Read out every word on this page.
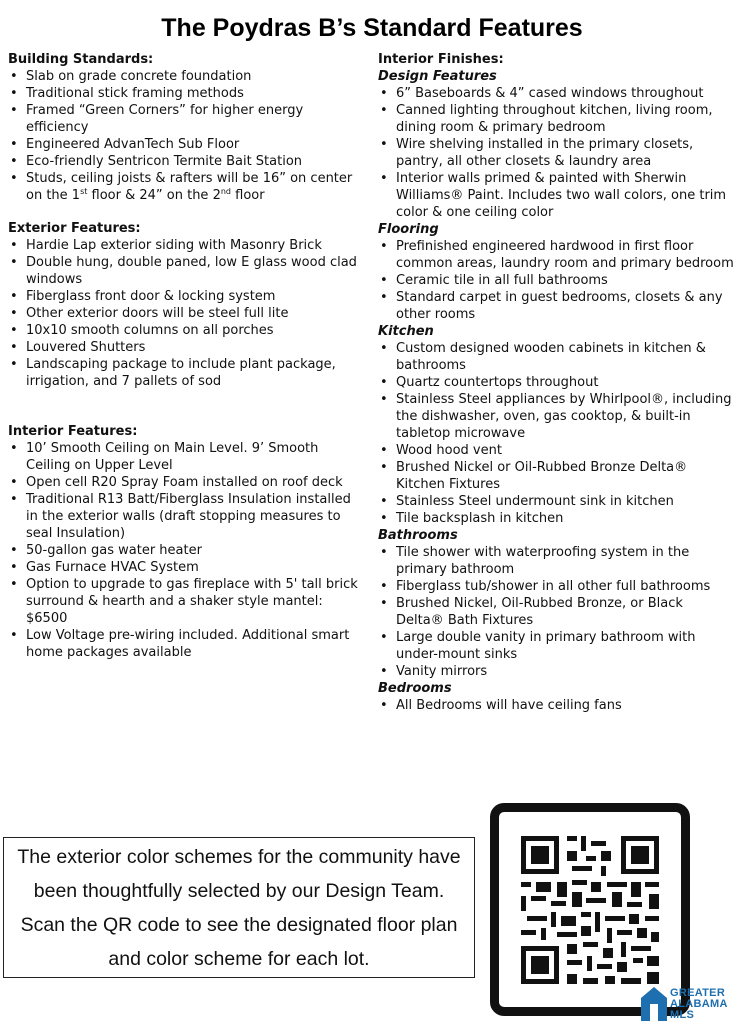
The Poydras B’s Standard Features

Building Standards:

• Slab on grade concrete foundation
• Traditional stick framing methods
• Framed “Green Corners” for higher energy efficiency
• Engineered AdvanTech Sub Floor
• Eco-friendly Sentricon Termite Bait Station
• Studs, ceiling joists & rafters will be 16” on center on the 1st floor & 24” on the 2nd floor

Exterior Features:

• Hardie Lap exterior siding with Masonry Brick
• Double hung, double paned, low E glass wood clad windows
• Fiberglass front door & locking system
• Other exterior doors will be steel full lite
• 10x10 smooth columns on all porches
• Louvered Shutters
• Landscaping package to include plant package, irrigation, and 7 pallets of sod

Interior Features:

• 10’ Smooth Ceiling on Main Level. 9’ Smooth Ceiling on Upper Level
• Open cell R20 Spray Foam installed on roof deck
• Traditional R13 Batt/Fiberglass Insulation installed in the exterior walls (draft stopping measures to seal Insulation)
• 50-gallon gas water heater
• Gas Furnace HVAC System
• Option to upgrade to gas fireplace with 5' tall brick surround & hearth and a shaker style mantel: $6500
• Low Voltage pre-wiring included. Additional smart home packages available

Interior Finishes:

Design Features

• 6” Baseboards & 4” cased windows throughout
• Canned lighting throughout kitchen, living room, dining room & primary bedroom
• Wire shelving installed in the primary closets, pantry, all other closets & laundry area
• Interior walls primed & painted with Sherwin Williams® Paint. Includes two wall colors, one trim color & one ceiling color

Flooring

• Prefinished engineered hardwood in first floor common areas, laundry room and primary bedroom
• Ceramic tile in all full bathrooms
• Standard carpet in guest bedrooms, closets & any other rooms

Kitchen

• Custom designed wooden cabinets in kitchen & bathrooms
• Quartz countertops throughout
• Stainless Steel appliances by Whirlpool®, including the dishwasher, oven, gas cooktop, & built-in tabletop microwave
• Wood hood vent
• Brushed Nickel or Oil-Rubbed Bronze Delta® Kitchen Fixtures
• Stainless Steel undermount sink in kitchen
• Tile backsplash in kitchen

Bathrooms

• Tile shower with waterproofing system in the primary bathroom
• Fiberglass tub/shower in all other full bathrooms
• Brushed Nickel, Oil-Rubbed Bronze, or Black Delta® Bath Fixtures
• Large double vanity in primary bathroom with under-mount sinks
• Vanity mirrors

Bedrooms

• All Bedrooms will have ceiling fans
The exterior color schemes for the community have been thoughtfully selected by our Design Team. Scan the QR code to see the designated floor plan and color scheme for each lot.
GREATER
ALABAMA
MLS
